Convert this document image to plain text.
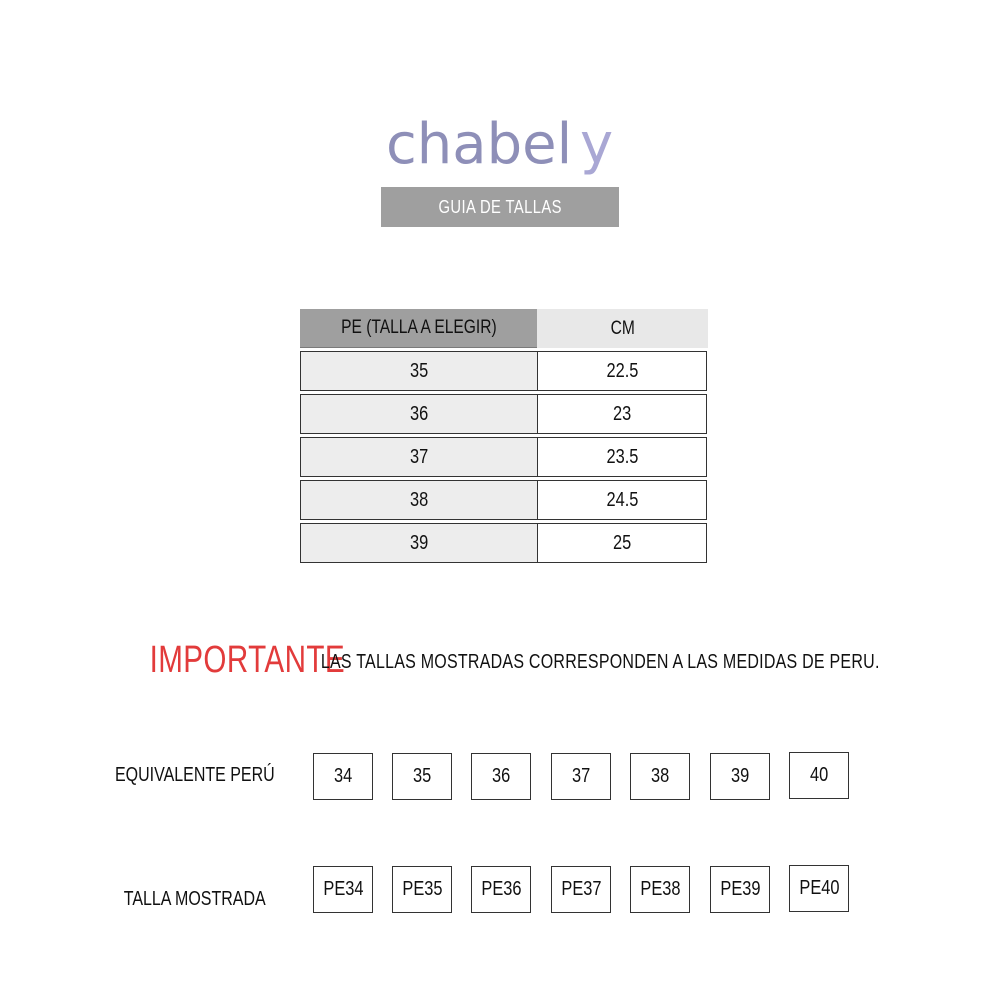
chabel y
GUIA DE TALLAS
PE (TALLA A ELEGIR)	CM
35	22.5
36	23
37	23.5
38	24.5
39	25
IMPORTANTE
LAS TALLAS MOSTRADAS CORRESPONDEN A LAS MEDIDAS DE PERU.
EQUIVALENTE PERÚ	34	35	36	37	38	39	40
TALLA MOSTRADA	PE34 PE35 PE36 PE37 PE38 PE39 PE40
